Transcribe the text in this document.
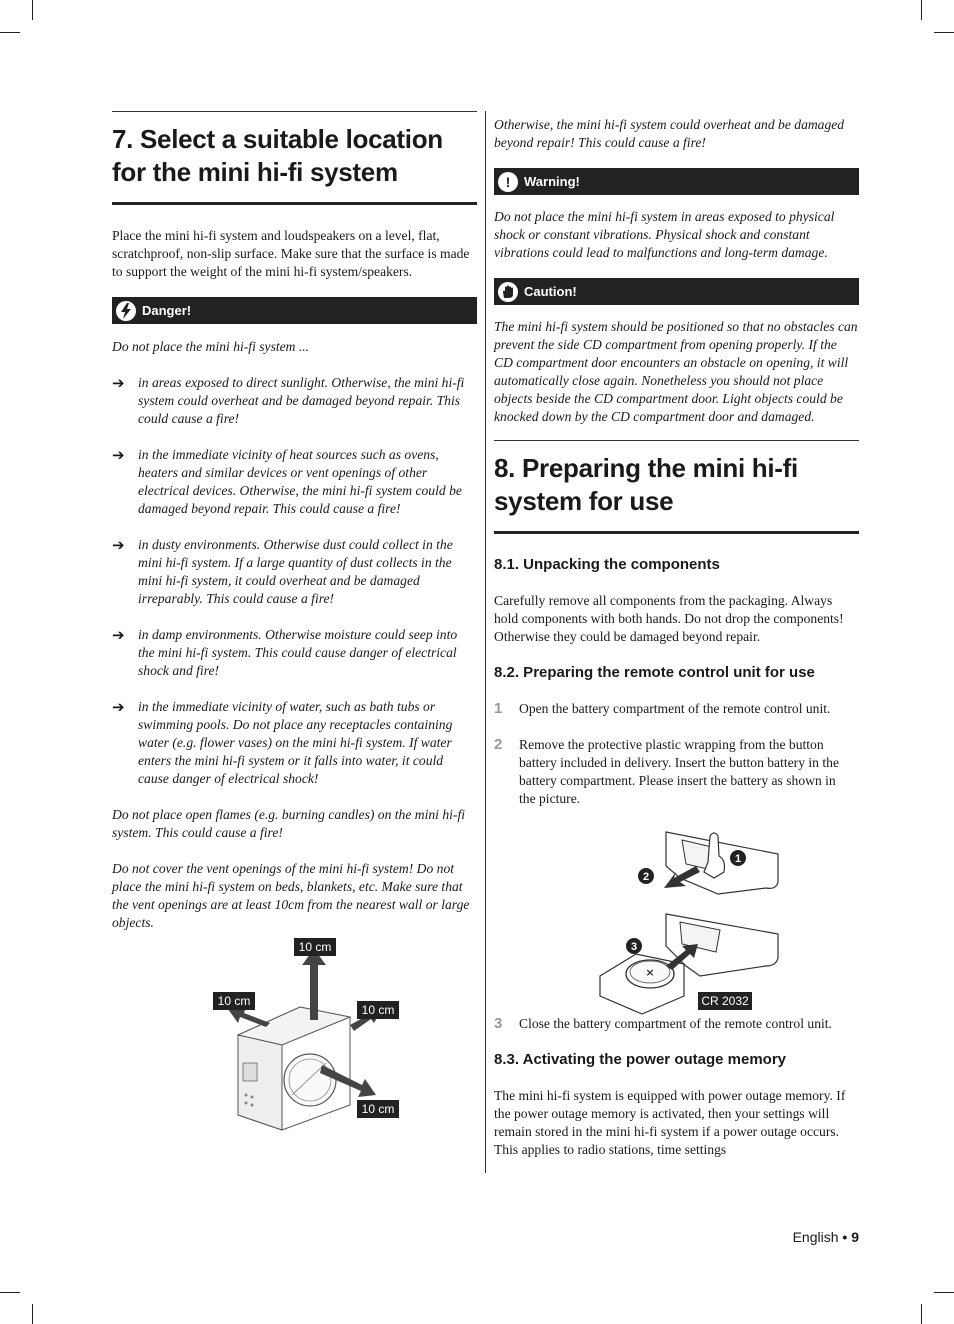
7. Select a suitable location for the mini hi-fi system

Place the mini hi-fi system and loudspeakers on a level, flat, scratchproof, non-slip surface. Make sure that the surface is made to support the weight of the mini hi-fi system/speakers.

Danger!

Do not place the mini hi-fi system ...

➔ in areas exposed to direct sunlight. Otherwise, the mini hi-fi system could overheat and be damaged beyond repair. This could cause a fire!

➔ in the immediate vicinity of heat sources such as ovens, heaters and similar devices or vent openings of other electrical devices. Otherwise, the mini hi-fi system could be damaged beyond repair. This could cause a fire!

➔ in dusty environments. Otherwise dust could collect in the mini hi-fi system. If a large quantity of dust collects in the mini hi-fi system, it could overheat and be damaged irreparably. This could cause a fire!

➔ in damp environments. Otherwise moisture could seep into the mini hi-fi system. This could cause danger of electrical shock and fire!

➔ in the immediate vicinity of water, such as bath tubs or swimming pools. Do not place any receptacles containing water (e.g. flower vases) on the mini hi-fi system. If water enters the mini hi-fi system or it falls into water, it could cause danger of electrical shock!

Do not place open flames (e.g. burning candles) on the mini hi-fi system. This could cause a fire!

Do not cover the vent openings of the mini hi-fi system! Do not place the mini hi-fi system on beds, blankets, etc. Make sure that the vent openings are at least 10cm from the nearest wall or large objects.

10 cm
10 cm
10 cm
10 cm

Otherwise, the mini hi-fi system could overheat and be damaged beyond repair! This could cause a fire!

!	Warning!

Do not place the mini hi-fi system in areas exposed to physical shock or constant vibrations. Physical shock and constant vibrations could lead to malfunctions and long-term damage.

Caution!

The mini hi-fi system should be positioned so that no obstacles can prevent the side CD compartment from opening properly. If the CD compartment door encounters an obstacle on opening, it will automatically close again. Nonetheless you should not place objects beside the CD compartment door. Light objects could be knocked down by the CD compartment door and damaged.

8. Preparing the mini hi-fi system for use
8.1. Unpacking the components

Carefully remove all components from the packaging. Always hold components with both hands. Do not drop the components! Otherwise they could be damaged beyond repair.

8.2. Preparing the remote control unit for use
1	Open the battery compartment of the remote control unit.

2	Remove the protective plastic wrapping from the button battery included in delivery. Insert the button battery in the battery compartment. Please insert the battery as shown in the picture.

3	Close the battery compartment of the remote control unit.

8.3. Activating the power outage memory

The mini hi-fi system is equipped with power outage memory. If the power outage memory is activated, then your settings will remain stored in the mini hi-fi system if a power outage occurs. This applies to radio stations, time settings

×
1
2
3
CR 2032
English • 9
